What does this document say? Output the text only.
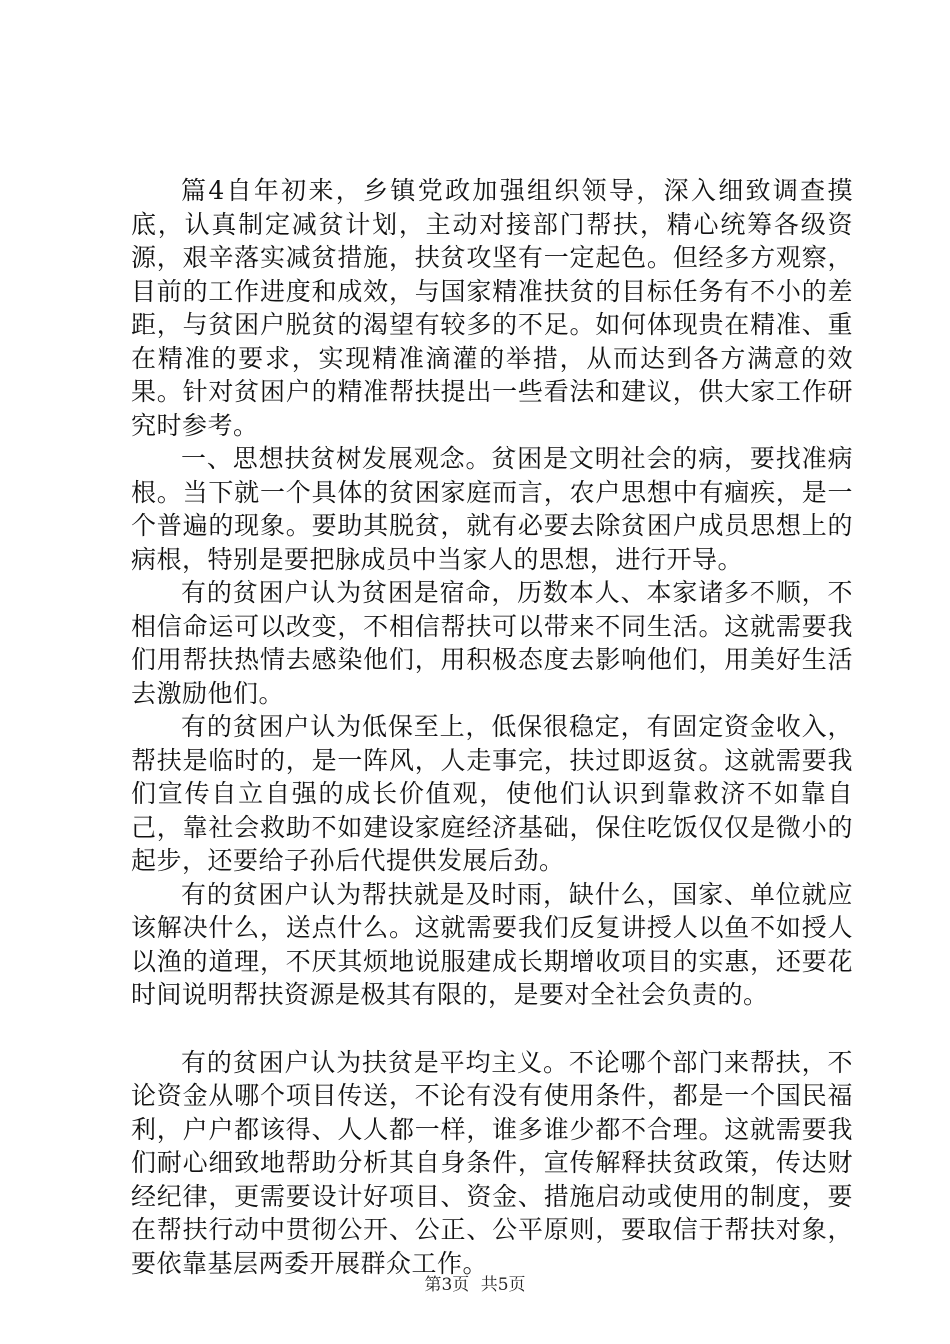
篇4自年初来，乡镇党政加强组织领导，深入细致调查摸底，认真制定减贫计划，主动对接部门帮扶，精心统筹各级资源，艰辛落实减贫措施，扶贫攻坚有一定起色。但经多方观察，目前的工作进度和成效，与国家精准扶贫的目标任务有不小的差距，与贫困户脱贫的渴望有较多的不足。如何体现贵在精准、重在精准的要求，实现精准滴灌的举措，从而达到各方满意的效果。针对贫困户的精准帮扶提出一些看法和建议，供大家工作研究时参考。

一、思想扶贫树发展观念。贫困是文明社会的病，要找准病根。当下就一个具体的贫困家庭而言，农户思想中有痼疾，是一个普遍的现象。要助其脱贫，就有必要去除贫困户成员思想上的病根，特别是要把脉成员中当家人的思想，进行开导。

有的贫困户认为贫困是宿命，历数本人、本家诸多不顺，不相信命运可以改变，不相信帮扶可以带来不同生活。这就需要我们用帮扶热情去感染他们，用积极态度去影响他们，用美好生活去激励他们。

有的贫困户认为低保至上，低保很稳定，有固定资金收入，帮扶是临时的，是一阵风，人走事完，扶过即返贫。这就需要我们宣传自立自强的成长价值观，使他们认识到靠救济不如靠自己，靠社会救助不如建设家庭经济基础，保住吃饭仅仅是微小的起步，还要给子孙后代提供发展后劲。

有的贫困户认为帮扶就是及时雨，缺什么，国家、单位就应该解决什么，送点什么。这就需要我们反复讲授人以鱼不如授人以渔的道理，不厌其烦地说服建成长期增收项目的实惠，还要花时间说明帮扶资源是极其有限的，是要对全社会负责的。

有的贫困户认为扶贫是平均主义。不论哪个部门来帮扶，不论资金从哪个项目传送，不论有没有使用条件，都是一个国民福利，户户都该得、人人都一样，谁多谁少都不合理。这就需要我们耐心细致地帮助分析其自身条件，宣传解释扶贫政策，传达财经纪律，更需要设计好项目、资金、措施启动或使用的制度，要在帮扶行动中贯彻公开、公正、公平原则，要取信于帮扶对象，要依靠基层两委开展群众工作。

第3页 共5页
